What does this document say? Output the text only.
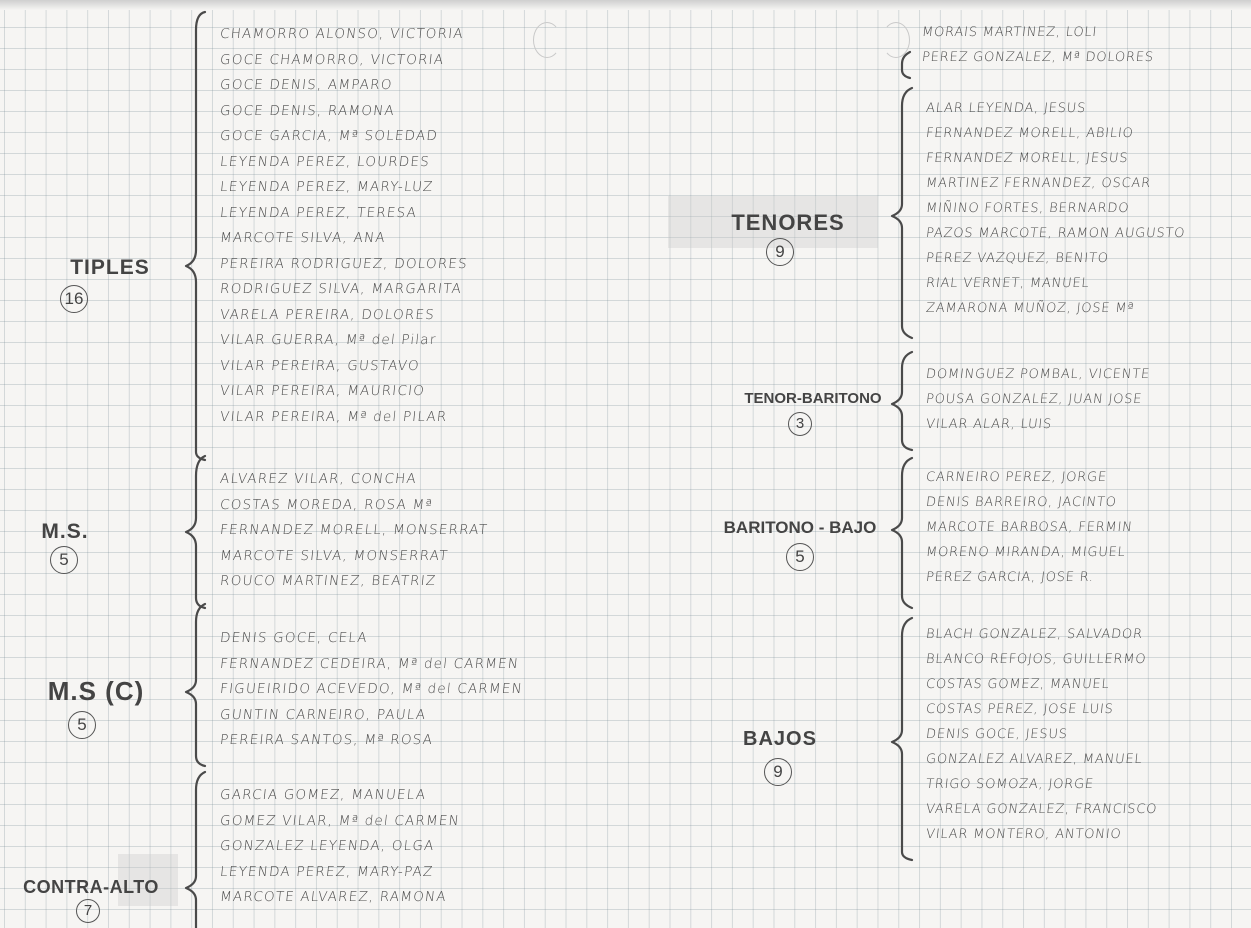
TIPLES
16
CHAMORRO ALONSO, VICTORIA
GOCE CHAMORRO, VICTORIA
GOCE DENIS, AMPARO
GOCE DENIS, RAMONA
GOCE GARCIA, Mª SOLEDAD
LEYENDA PEREZ, LOURDES
LEYENDA PEREZ, MARY-LUZ
LEYENDA PEREZ, TERESA
MARCOTE SILVA, ANA
PEREIRA RODRIGUEZ, DOLORES
RODRIGUEZ SILVA, MARGARITA
VARELA PEREIRA, DOLORES
VILAR GUERRA, Mª del Pilar
VILAR PEREIRA, GUSTAVO
VILAR PEREIRA, MAURICIO
VILAR PEREIRA, Mª del PILAR
M.S.
5
ALVAREZ VILAR, CONCHA
COSTAS MOREDA, ROSA Mª
FERNANDEZ MORELL, MONSERRAT
MARCOTE SILVA, MONSERRAT
ROUCO MARTINEZ, BEATRIZ
M.S (C)
5
DENIS GOCE, CELA
FERNANDEZ CEDEIRA, Mª del CARMEN
FIGUEIRIDO ACEVEDO, Mª del CARMEN
GUNTIN CARNEIRO, PAULA
PEREIRA SANTOS, Mª ROSA
CONTRA-ALTO
7
GARCIA GOMEZ, MANUELA
GOMEZ VILAR, Mª del CARMEN
GONZALEZ LEYENDA, OLGA
LEYENDA PEREZ, MARY-PAZ
MARCOTE ALVAREZ, RAMONA
MORAIS MARTINEZ, LOLI
PEREZ GONZALEZ, Mª DOLORES
TENORES
9
ALAR LEYENDA, JESUS
FERNANDEZ MORELL, ABILIO
FERNANDEZ MORELL, JESUS
MARTINEZ FERNANDEZ, OSCAR
MIÑINO FORTES, BERNARDO
PAZOS MARCOTE, RAMON AUGUSTO
PEREZ VAZQUEZ, BENITO
RIAL VERNET, MANUEL
ZAMARONA MUÑOZ, JOSE Mª
TENOR-BARITONO
3
DOMINGUEZ POMBAL, VICENTE
POUSA GONZALEZ, JUAN JOSE
VILAR ALAR, LUIS
BARITONO - BAJO
5
CARNEIRO PEREZ, JORGE
DENIS BARREIRO, JACINTO
MARCOTE BARBOSA, FERMIN
MORENO MIRANDA, MIGUEL
PEREZ GARCIA, JOSE R.
BAJOS
9
BLACH GONZALEZ, SALVADOR
BLANCO REFOJOS, GUILLERMO
COSTAS GOMEZ, MANUEL
COSTAS PEREZ, JOSE LUIS
DENIS GOCE, JESUS
GONZALEZ ALVAREZ, MANUEL
TRIGO SOMOZA, JORGE
VARELA GONZALEZ, FRANCISCO
VILAR MONTERO, ANTONIO
